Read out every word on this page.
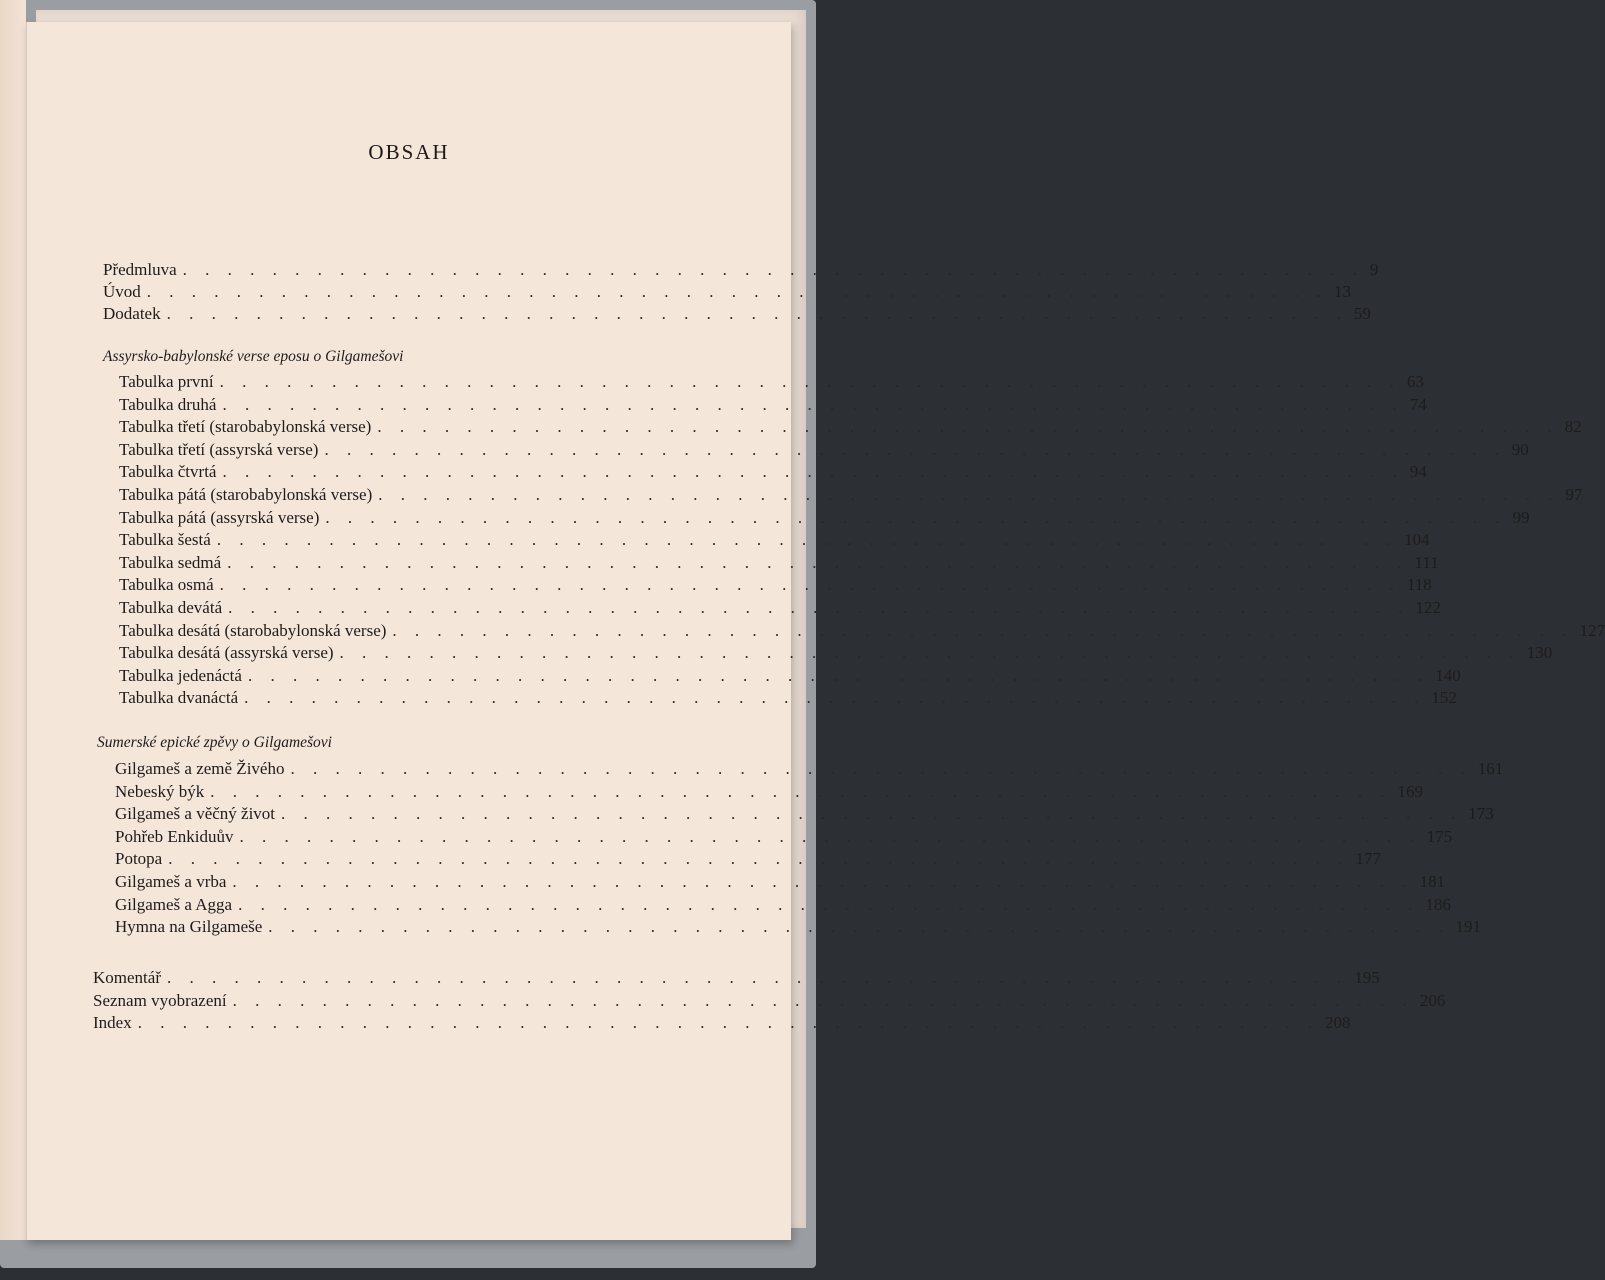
OBSAH
Předmluva . . . . . . . . . . . . . . . . . . . . . . . . . . . . . . . . . . . . . . . . . . . . . . . . . . . . . 9
Úvod . . . . . . . . . . . . . . . . . . . . . . . . . . . . . . . . . . . . . . . . . . . . . . . . . . . . . 13
Dodatek . . . . . . . . . . . . . . . . . . . . . . . . . . . . . . . . . . . . . . . . . . . . . . . . . . . . . 59
Assyrsko-babylonské verse eposu o Gilgamešovi
Tabulka první . . . . . . . . . . . . . . . . . . . . . . . . . . . . . . . . . . . . . . . . . . . . . . . . . . . . . 63
Tabulka druhá . . . . . . . . . . . . . . . . . . . . . . . . . . . . . . . . . . . . . . . . . . . . . . . . . . . . . 74
Tabulka třetí (starobabylonská verse) . . . . . . . . . . . . . . . . . . . . . . . . . . . . . . . . . . . . . . . . . . . . . . . . . . . . . 82
Tabulka třetí (assyrská verse) . . . . . . . . . . . . . . . . . . . . . . . . . . . . . . . . . . . . . . . . . . . . . . . . . . . . . 90
Tabulka čtvrtá . . . . . . . . . . . . . . . . . . . . . . . . . . . . . . . . . . . . . . . . . . . . . . . . . . . . . 94
Tabulka pátá (starobabylonská verse) . . . . . . . . . . . . . . . . . . . . . . . . . . . . . . . . . . . . . . . . . . . . . . . . . . . . . 97
Tabulka pátá (assyrská verse) . . . . . . . . . . . . . . . . . . . . . . . . . . . . . . . . . . . . . . . . . . . . . . . . . . . . . 99
Tabulka šestá . . . . . . . . . . . . . . . . . . . . . . . . . . . . . . . . . . . . . . . . . . . . . . . . . . . . . 104
Tabulka sedmá . . . . . . . . . . . . . . . . . . . . . . . . . . . . . . . . . . . . . . . . . . . . . . . . . . . . . 111
Tabulka osmá . . . . . . . . . . . . . . . . . . . . . . . . . . . . . . . . . . . . . . . . . . . . . . . . . . . . . 118
Tabulka devátá . . . . . . . . . . . . . . . . . . . . . . . . . . . . . . . . . . . . . . . . . . . . . . . . . . . . . 122
Tabulka desátá (starobabylonská verse) . . . . . . . . . . . . . . . . . . . . . . . . . . . . . . . . . . . . . . . . . . . . . . . . . . . . . 127
Tabulka desátá (assyrská verse) . . . . . . . . . . . . . . . . . . . . . . . . . . . . . . . . . . . . . . . . . . . . . . . . . . . . . 130
Tabulka jedenáctá . . . . . . . . . . . . . . . . . . . . . . . . . . . . . . . . . . . . . . . . . . . . . . . . . . . . . 140
Tabulka dvanáctá . . . . . . . . . . . . . . . . . . . . . . . . . . . . . . . . . . . . . . . . . . . . . . . . . . . . . 152
Sumerské epické zpěvy o Gilgamešovi
Gilgameš a země Živého . . . . . . . . . . . . . . . . . . . . . . . . . . . . . . . . . . . . . . . . . . . . . . . . . . . . . 161
Nebeský býk . . . . . . . . . . . . . . . . . . . . . . . . . . . . . . . . . . . . . . . . . . . . . . . . . . . . . 169
Gilgameš a věčný život . . . . . . . . . . . . . . . . . . . . . . . . . . . . . . . . . . . . . . . . . . . . . . . . . . . . . 173
Pohřeb Enkiduův . . . . . . . . . . . . . . . . . . . . . . . . . . . . . . . . . . . . . . . . . . . . . . . . . . . . . 175
Potopa . . . . . . . . . . . . . . . . . . . . . . . . . . . . . . . . . . . . . . . . . . . . . . . . . . . . . 177
Gilgameš a vrba . . . . . . . . . . . . . . . . . . . . . . . . . . . . . . . . . . . . . . . . . . . . . . . . . . . . . 181
Gilgameš a Agga . . . . . . . . . . . . . . . . . . . . . . . . . . . . . . . . . . . . . . . . . . . . . . . . . . . . . 186
Hymna na Gilgameše . . . . . . . . . . . . . . . . . . . . . . . . . . . . . . . . . . . . . . . . . . . . . . . . . . . . . 191
Komentář . . . . . . . . . . . . . . . . . . . . . . . . . . . . . . . . . . . . . . . . . . . . . . . . . . . . . 195
Seznam vyobrazení . . . . . . . . . . . . . . . . . . . . . . . . . . . . . . . . . . . . . . . . . . . . . . . . . . . . . 206
Index . . . . . . . . . . . . . . . . . . . . . . . . . . . . . . . . . . . . . . . . . . . . . . . . . . . . . 208
